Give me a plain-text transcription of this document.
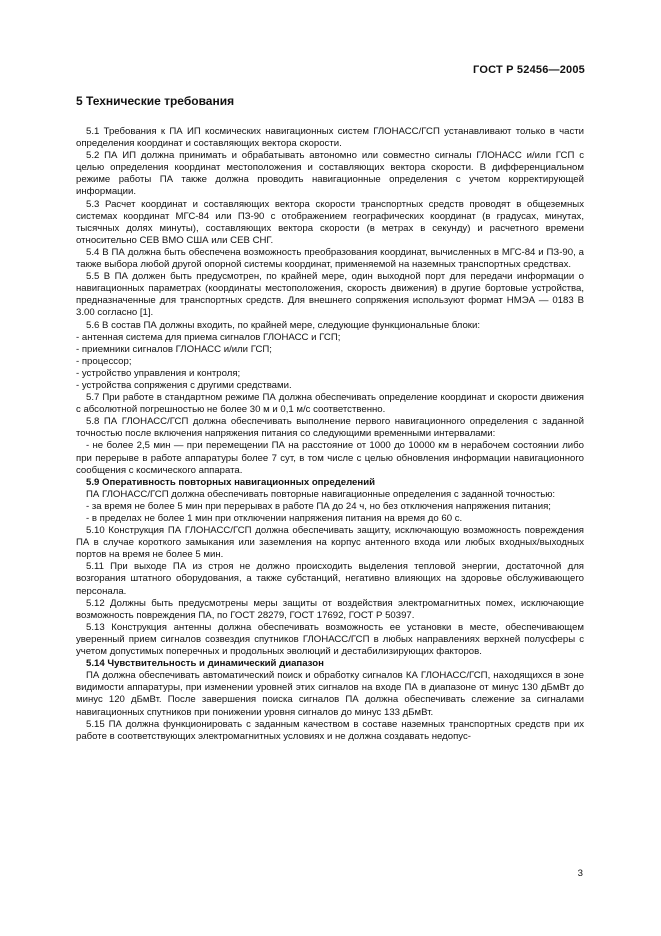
ГОСТ Р 52456—2005
5 Технические требования

5.1 Требования к ПА ИП космических навигационных систем ГЛОНАСС/ГСП устанавливают только в части определения координат и составляющих вектора скорости.

5.2 ПА ИП должна принимать и обрабатывать автономно или совместно сигналы ГЛОНАСС и/или ГСП с целью определения координат местоположения и составляющих вектора скорости. В дифференциальном режиме работы ПА также должна проводить навигационные определения с учетом корректирующей информации.

5.3 Расчет координат и составляющих вектора скорости транспортных средств проводят в общеземных системах координат МГС-84 или ПЗ-90 с отображением географических координат (в градусах, минутах, тысячных долях минуты), составляющих вектора скорости (в метрах в секунду) и расчетного времени относительно СЕВ ВМО США или СЕВ СНГ.

5.4 В ПА должна быть обеспечена возможность преобразования координат, вычисленных в МГС-84 и ПЗ-90, а также выбора любой другой опорной системы координат, применяемой на наземных транспортных средствах.

5.5 В ПА должен быть предусмотрен, по крайней мере, один выходной порт для передачи информации о навигационных параметрах (координаты местоположения, скорость движения) в другие бортовые устройства, предназначенные для транспортных средств. Для внешнего сопряжения используют формат НМЭА — 0183 В 3.00 согласно [1].

5.6 В состав ПА должны входить, по крайней мере, следующие функциональные блоки:

- антенная система для приема сигналов ГЛОНАСС и ГСП;

- приемники сигналов ГЛОНАСС и/или ГСП;

- процессор;

- устройство управления и контроля;

- устройства сопряжения с другими средствами.

5.7 При работе в стандартном режиме ПА должна обеспечивать определение координат и скорости движения с абсолютной погрешностью не более 30 м и 0,1 м/с соответственно.

5.8 ПА ГЛОНАСС/ГСП должна обеспечивать выполнение первого навигационного определения с заданной точностью после включения напряжения питания со следующими временными интервалами:

- не более 2,5 мин — при перемещении ПА на расстояние от 1000 до 10000 км в нерабочем состоянии либо при перерыве в работе аппаратуры более 7 сут, в том числе с целью обновления информации навигационного сообщения с космического аппарата.

5.9 Оперативность повторных навигационных определений

ПА ГЛОНАСС/ГСП должна обеспечивать повторные навигационные определения с заданной точностью:

- за время не более 5 мин при перерывах в работе ПА до 24 ч, но без отключения напряжения питания;

- в пределах не более 1 мин при отключении напряжения питания на время до 60 с.

5.10 Конструкция ПА ГЛОНАСС/ГСП должна обеспечивать защиту, исключающую возможность повреждения ПА в случае короткого замыкания или заземления на корпус антенного входа или любых входных/выходных портов на время не более 5 мин.

5.11 При выходе ПА из строя не должно происходить выделения тепловой энергии, достаточной для возгорания штатного оборудования, а также субстанций, негативно влияющих на здоровье обслуживающего персонала.

5.12 Должны быть предусмотрены меры защиты от воздействия электромагнитных помех, исключающие возможность повреждения ПА, по ГОСТ 28279, ГОСТ 17692, ГОСТ Р 50397.

5.13 Конструкция антенны должна обеспечивать возможность ее установки в месте, обеспечивающем уверенный прием сигналов созвездия спутников ГЛОНАСС/ГСП в любых направлениях верхней полусферы с учетом допустимых поперечных и продольных эволюций и дестабилизирующих факторов.

5.14 Чувствительность и динамический диапазон

ПА должна обеспечивать автоматический поиск и обработку сигналов КА ГЛОНАСС/ГСП, находящихся в зоне видимости аппаратуры, при изменении уровней этих сигналов на входе ПА в диапазоне от минус 130 дБмВт до минус 120 дБмВт. После завершения поиска сигналов ПА должна обеспечивать слежение за сигналами навигационных спутников при понижении уровня сигналов до минус 133 дБмВт.

5.15 ПА должна функционировать с заданным качеством в составе наземных транспортных средств при их работе в соответствующих электромагнитных условиях и не должна создавать недопус-

3
